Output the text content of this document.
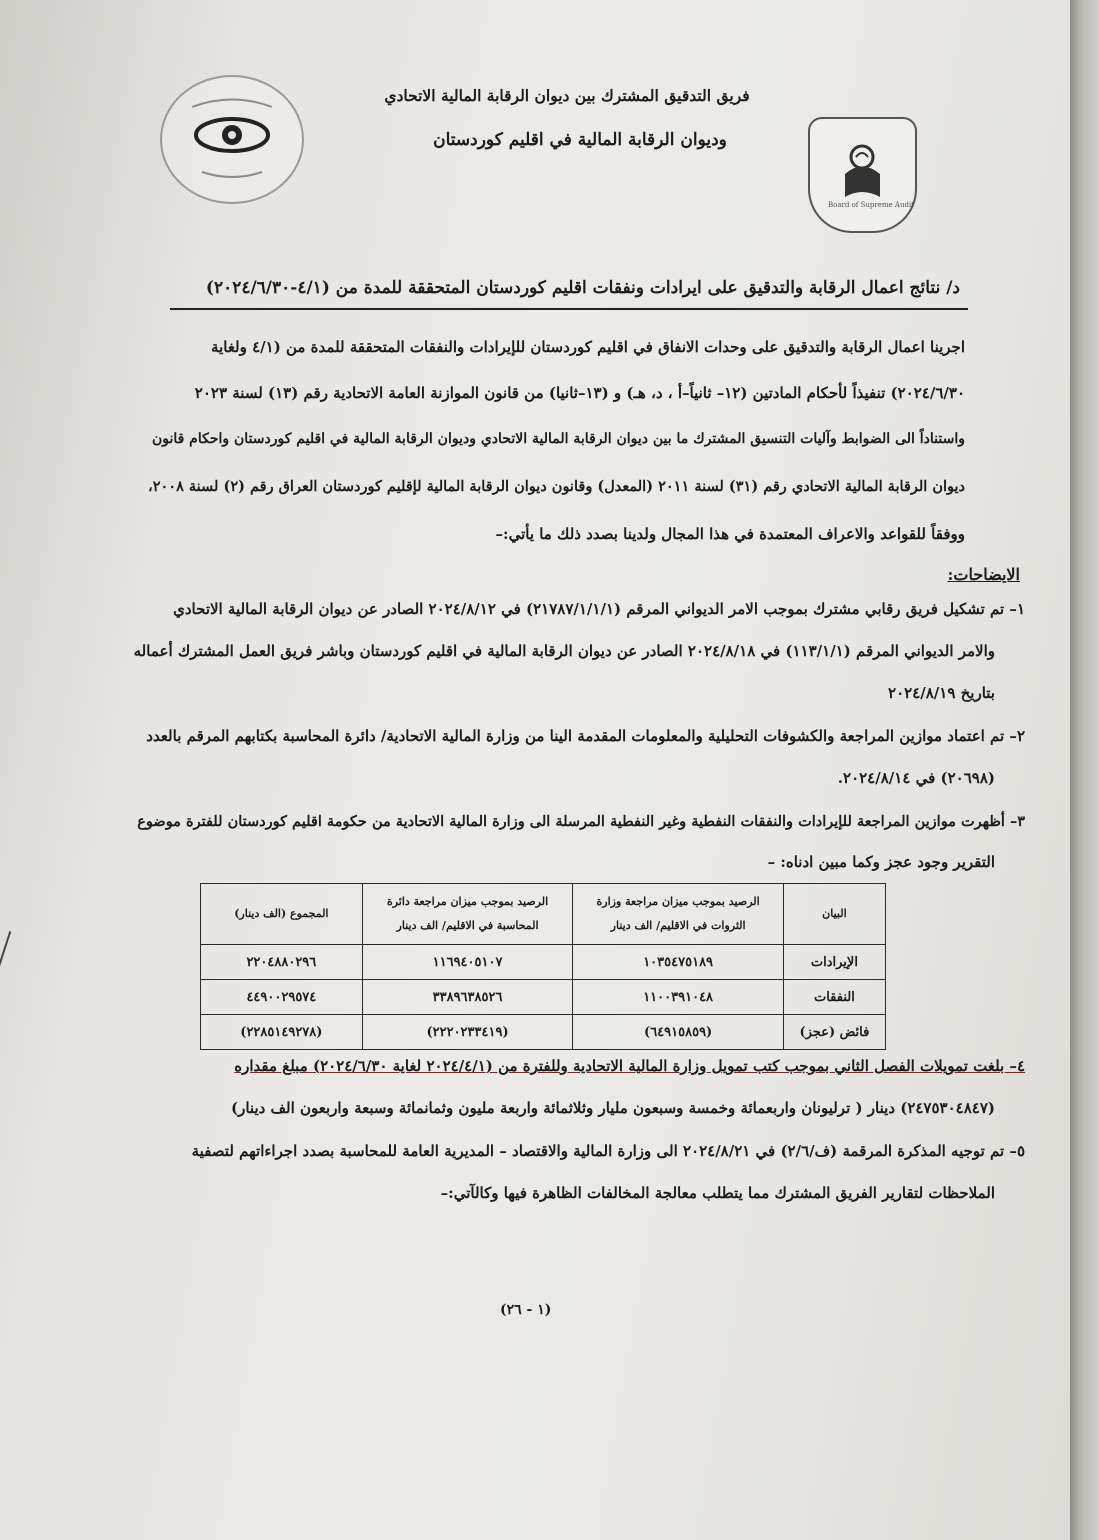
فريق التدقيق المشترك بين ديوان الرقابة المالية الاتحادي
وديوان الرقابة المالية في اقليم كوردستان
Board of Supreme Audit
د/ نتائج اعمال الرقابة والتدقيق على ايرادات ونفقات اقليم كوردستان المتحققة للمدة من (٤/١-٢٠٢٤/٦/٣٠)
اجرينا اعمال الرقابة والتدقيق على وحدات الانفاق في اقليم كوردستان للإيرادات والنفقات المتحققة للمدة من (٤/١ ولغاية
٢٠٢٤/٦/٣٠) تنفيذاً لأحكام المادتين (١٢– ثانياً–أ ، د، هـ) و (١٣–ثانيا) من قانون الموازنة العامة الاتحادية رقم (١٣) لسنة ٢٠٢٣
واستناداً الى الضوابط وآليات التنسيق المشترك ما بين ديوان الرقابة المالية الاتحادي وديوان الرقابة المالية في اقليم كوردستان واحكام قانون
ديوان الرقابة المالية الاتحادي رقم (٣١) لسنة ٢٠١١ (المعدل) وقانون ديوان الرقابة المالية لإقليم كوردستان العراق رقم (٢) لسنة ٢٠٠٨،
ووفقاً للقواعد والاعراف المعتمدة في هذا المجال ولدينا بصدد ذلك ما يأتي:–
الايضاحات:
١– تم تشكيل فريق رقابي مشترك بموجب الامر الديواني المرقم (٢١٧٨٧/١/١/١) في ٢٠٢٤/٨/١٢ الصادر عن ديوان الرقابة المالية الاتحادي
والامر الديواني المرقم (١١٣/١/١) في ٢٠٢٤/٨/١٨ الصادر عن ديوان الرقابة المالية في اقليم كوردستان وباشر فريق العمل المشترك أعماله
بتاريخ ٢٠٢٤/٨/١٩
٢– تم اعتماد موازين المراجعة والكشوفات التحليلية والمعلومات المقدمة الينا من وزارة المالية الاتحادية/ دائرة المحاسبة بكتابهم المرقم بالعدد
(٢٠٦٩٨) في ٢٠٢٤/٨/١٤.
٣– أظهرت موازين المراجعة للإيرادات والنفقات النفطية وغير النفطية المرسلة الى وزارة المالية الاتحادية من حكومة اقليم كوردستان للفترة موضوع
التقرير وجود عجز وكما مبين ادناه: –
البيان	الرصيد بموجب ميزان مراجعة وزارة الثروات في الاقليم/ الف دينار	الرصيد بموجب ميزان مراجعة دائرة المحاسبة في الاقليم/ الف دينار	المجموع (الف دينار)
الإيرادات	١٠٣٥٤٧٥١٨٩	١١٦٩٤٠٥١٠٧	٢٢٠٤٨٨٠٢٩٦
النفقات	١١٠٠٣٩١٠٤٨	٣٣٨٩٦٣٨٥٢٦	٤٤٩٠٠٢٩٥٧٤
فائض (عجز)	(٦٤٩١٥٨٥٩)	(٢٢٢٠٢٣٣٤١٩)	(٢٢٨٥١٤٩٢٧٨)
٤– بلغت تمويلات الفصل الثاني بموجب كتب تمويل وزارة المالية الاتحادية وللفترة من (٢٠٢٤/٤/١ لغاية ٢٠٢٤/٦/٣٠) مبلغ مقداره
(٢٤٧٥٣٠٤٨٤٧) دينار ( ترليونان واربعمائة وخمسة وسبعون مليار وثلاثمائة واربعة مليون وثمانمائة وسبعة واربعون الف دينار)
٥– تم توجيه المذكرة المرقمة (ف/٢/٦) في ٢٠٢٤/٨/٢١ الى وزارة المالية والاقتصاد – المديرية العامة للمحاسبة بصدد اجراءاتهم لتصفية
الملاحظات لتقارير الفريق المشترك مما يتطلب معالجة المخالفات الظاهرة فيها وكالآتي:–
(١ - ٢٦)
